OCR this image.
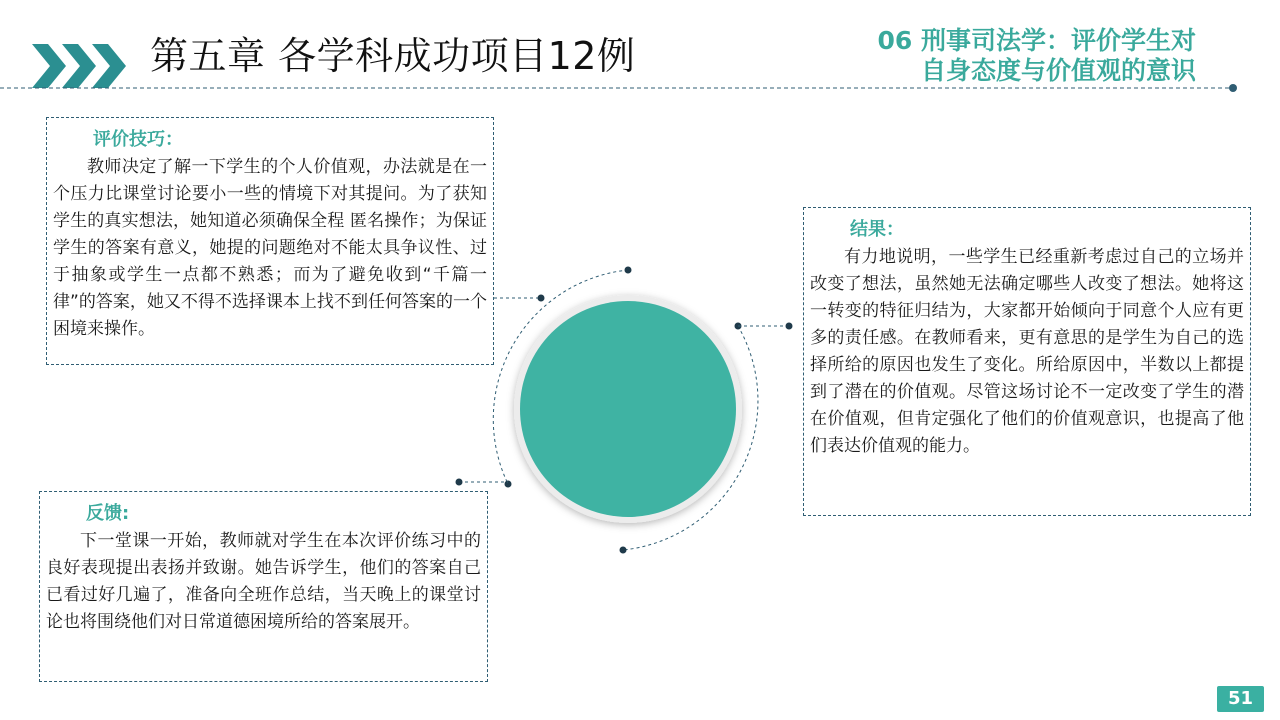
第五章 各学科成功项目12例	06 刑事司法学：评价学生对
自身态度与价值观的意识
评价技巧：

教师决定了解一下学生的个人价值观，办法就是在一个压力比课堂讨论要小一些的情境下对其提问。为了获知学生的真实想法，她知道必须确保全程 匿名操作；为保证学生的答案有意义，她提的问题绝对不能太具争议性、过于抽象或学生一点都不熟悉；而为了避免收到“千篇一律”的答案，她又不得不选择课本上找不到任何答案的一个困境来操作。

结果：

有力地说明，一些学生已经重新考虑过自己的立场并改变了想法，虽然她无法确定哪些人改变了想法。她将这一转变的特征归结为，大家都开始倾向于同意个人应有更多的责任感。在教师看来，更有意思的是学生为自己的选择所给的原因也发生了变化。所给原因中，半数以上都提到了潜在的价值观。尽管这场讨论不一定改变了学生的潜在价值观，但肯定强化了他们的价值观意识，也提高了他们表达价值观的能力。

反馈:

下一堂课一开始，教师就对学生在本次评价练习中的良好表现提出表扬并致谢。她告诉学生，他们的答案自己已看过好几遍了，准备向全班作总结，当天晚上的课堂讨论也将围绕他们对日常道德困境所给的答案展开。

51
